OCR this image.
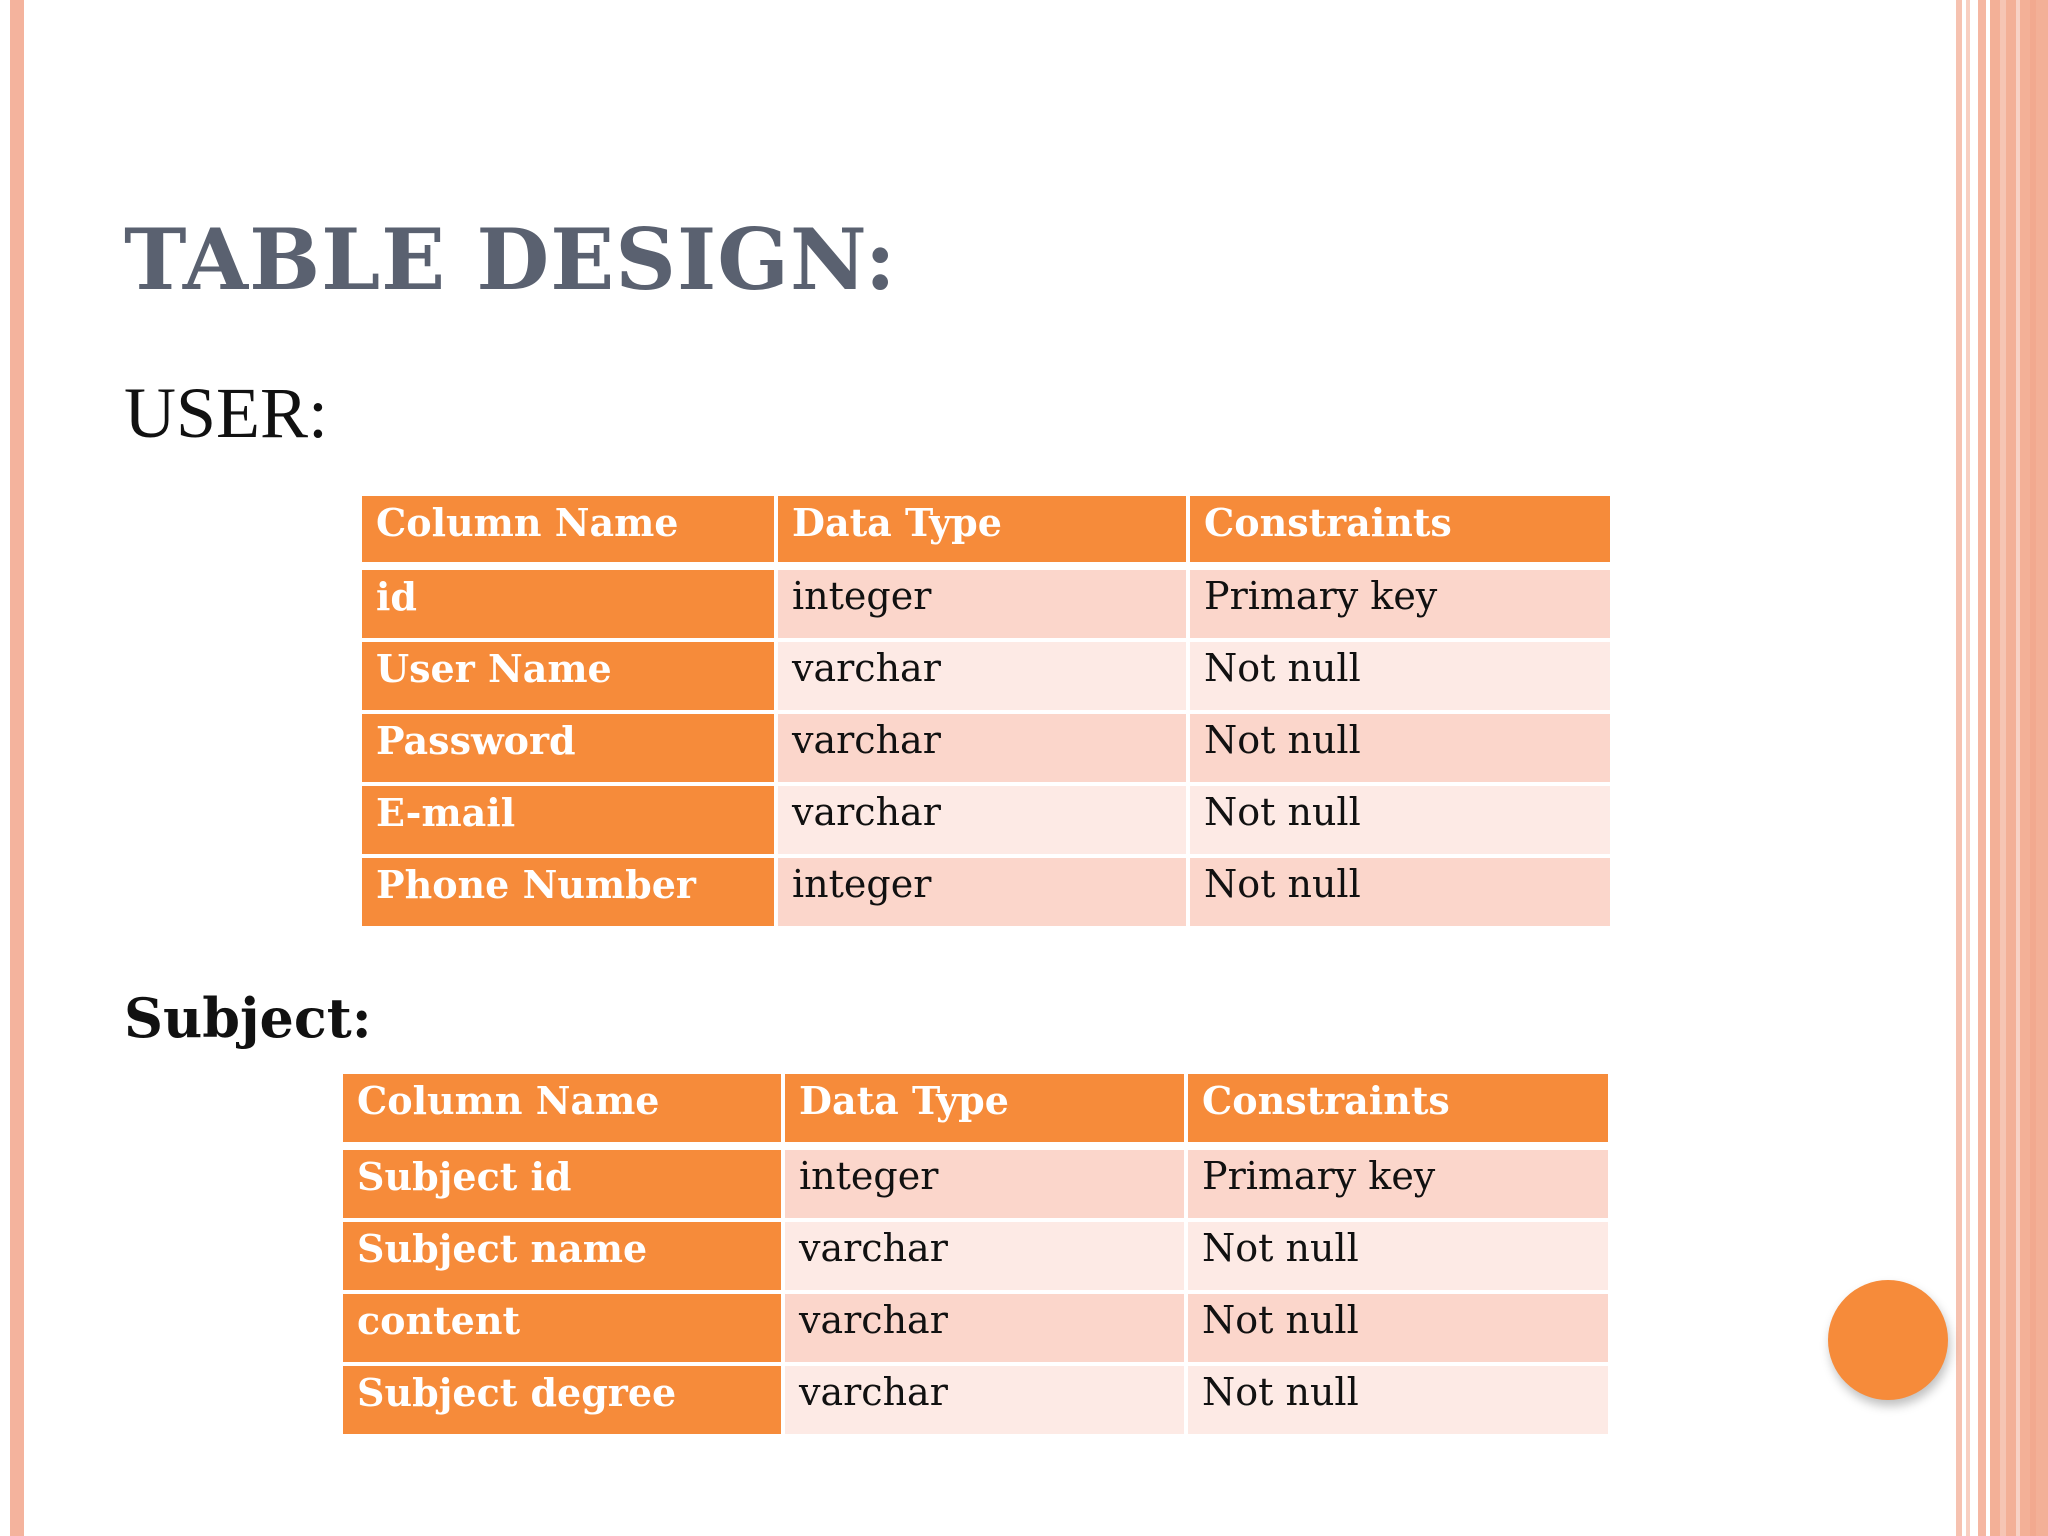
TABLE DESIGN:
USER:
Column Name	Data Type	Constraints
id	integer	Primary key
User Name	varchar	Not null
Password	varchar	Not null
E-mail	varchar	Not null
Phone Number	integer	Not null
Subject:
Column Name	Data Type	Constraints
Subject id	integer	Primary key
Subject name	varchar	Not null
content	varchar	Not null
Subject degree	varchar	Not null
